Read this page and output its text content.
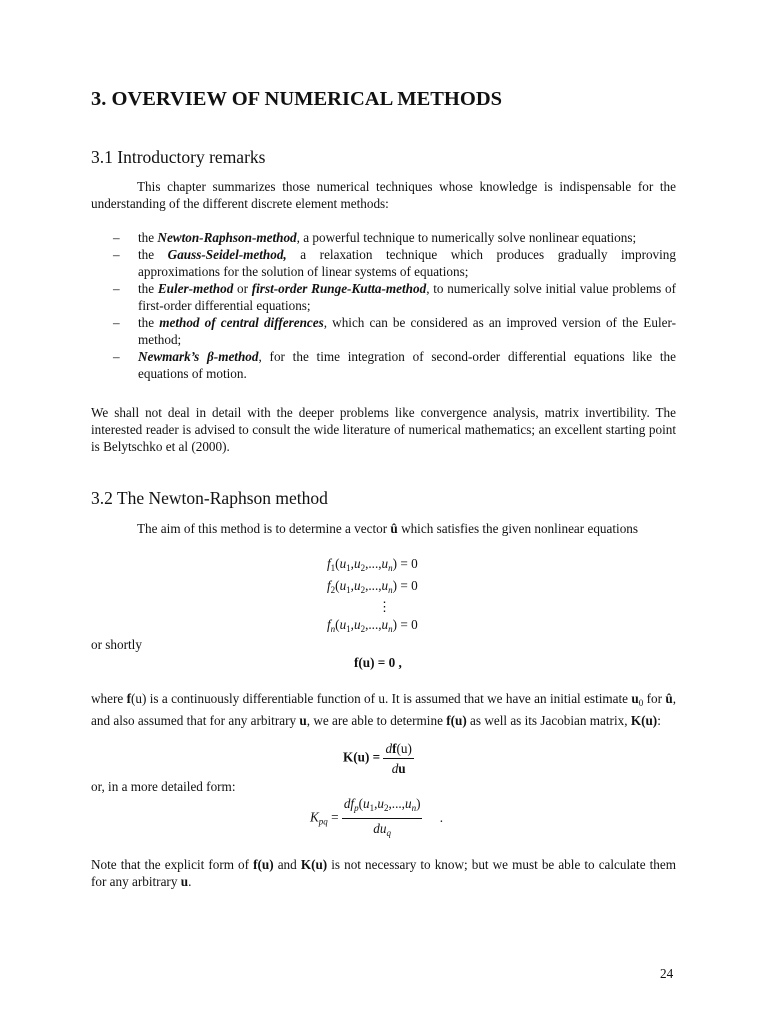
3. OVERVIEW OF NUMERICAL METHODS
3.1 Introductory remarks
This chapter summarizes those numerical techniques whose knowledge is indispensable for the understanding of the different discrete element methods:
– the Newton-Raphson-method, a powerful technique to numerically solve nonlinear equations;
– the Gauss-Seidel-method, a relaxation technique which produces gradually improving approximations for the solution of linear systems of equations;
– the Euler-method or first-order Runge-Kutta-method, to numerically solve initial value problems of first-order differential equations;
– the method of central differences, which can be considered as an improved version of the Euler-method;
– Newmark’s β-method, for the time integration of second-order differential equations like the equations of motion.
We shall not deal in detail with the deeper problems like convergence analysis, matrix invertibility. The interested reader is advised to consult the wide literature of numerical mathematics; an excellent starting point is Belytschko et al (2000).
3.2 The Newton-Raphson method
The aim of this method is to determine a vector û which satisfies the given nonlinear equations
$f_1(u_1,u_2,...,u_n) = 0$
$f_2(u_1,u_2,...,u_n) = 0$
⋮
$f_n(u_1,u_2,...,u_n) = 0$
or shortly
f(u) = 0 ,
where f(u) is a continuously differentiable function of u. It is assumed that we have an initial estimate $u_0$ for û, and also assumed that for any arbitrary u, we are able to determine f(u) as well as its Jacobian matrix, K(u):
$K(u) = \frac{df(u)}{du}$
or, in a more detailed form:
$K_{pq} = \frac{df_p(u_1,u_2,...,u_n)}{du_q}$ .
Note that the explicit form of f(u) and K(u) is not necessary to know; but we must be able to calculate them for any arbitrary u.
24
